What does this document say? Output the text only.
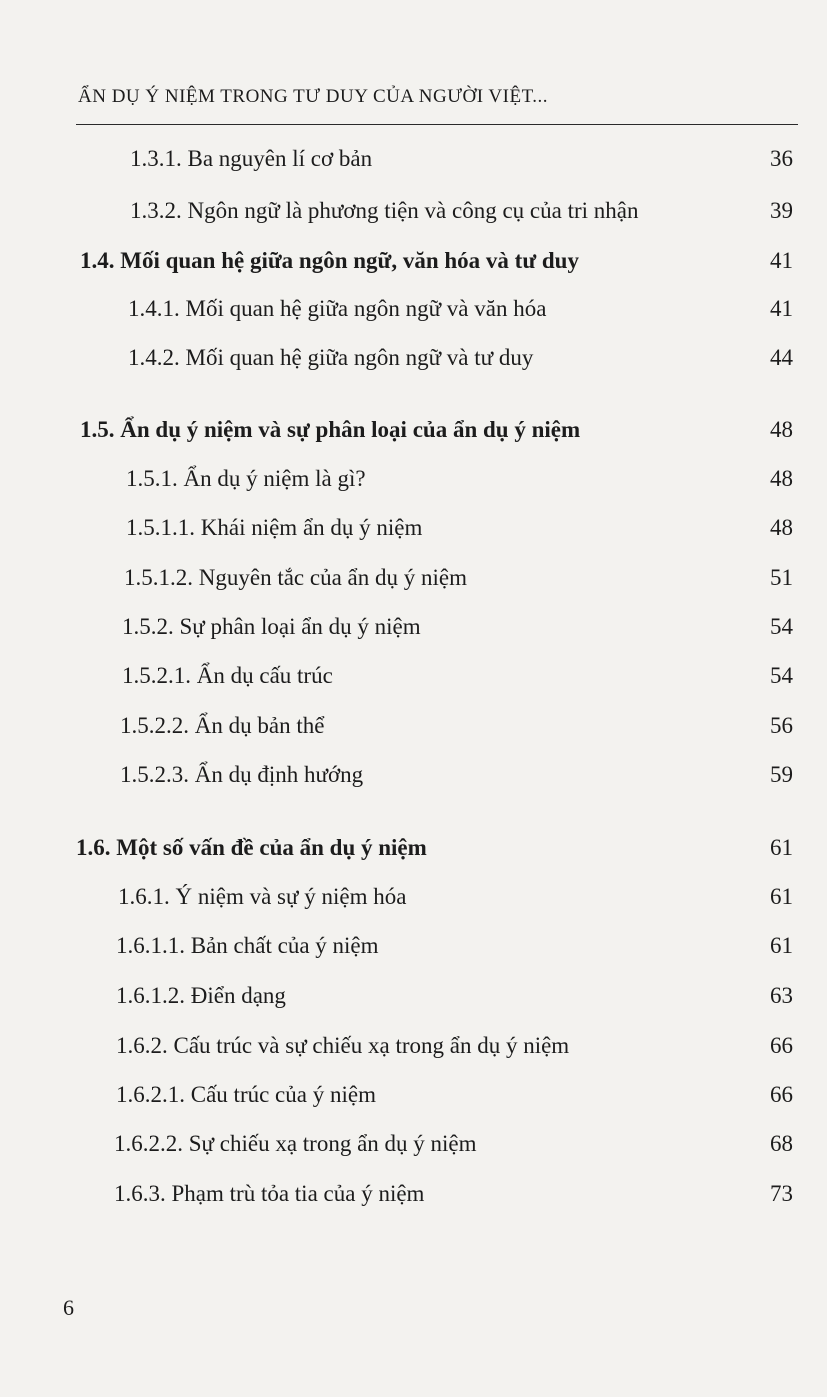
ẨN DỤ Ý NIỆM TRONG TƯ DUY CỦA NGƯỜI VIỆT...
1.3.1. Ba nguyên lí cơ bản	36
1.3.2. Ngôn ngữ là phương tiện và công cụ của tri nhận	39
1.4. Mối quan hệ giữa ngôn ngữ, văn hóa và tư duy	41
1.4.1. Mối quan hệ giữa ngôn ngữ và văn hóa	41
1.4.2. Mối quan hệ giữa ngôn ngữ và tư duy	44
1.5. Ẩn dụ ý niệm và sự phân loại của ẩn dụ ý niệm	48
1.5.1. Ẩn dụ ý niệm là gì?	48
1.5.1.1. Khái niệm ẩn dụ ý niệm	48
1.5.1.2. Nguyên tắc của ẩn dụ ý niệm	51
1.5.2. Sự phân loại ẩn dụ ý niệm	54
1.5.2.1. Ẩn dụ cấu trúc	54
1.5.2.2. Ẩn dụ bản thể	56
1.5.2.3. Ẩn dụ định hướng	59
1.6. Một số vấn đề của ẩn dụ ý niệm	61
1.6.1. Ý niệm và sự ý niệm hóa	61
1.6.1.1. Bản chất của ý niệm	61
1.6.1.2. Điển dạng	63
1.6.2. Cấu trúc và sự chiếu xạ trong ẩn dụ ý niệm	66
1.6.2.1. Cấu trúc của ý niệm	66
1.6.2.2. Sự chiếu xạ trong ẩn dụ ý niệm	68
1.6.3. Phạm trù tỏa tia của ý niệm	73
6
